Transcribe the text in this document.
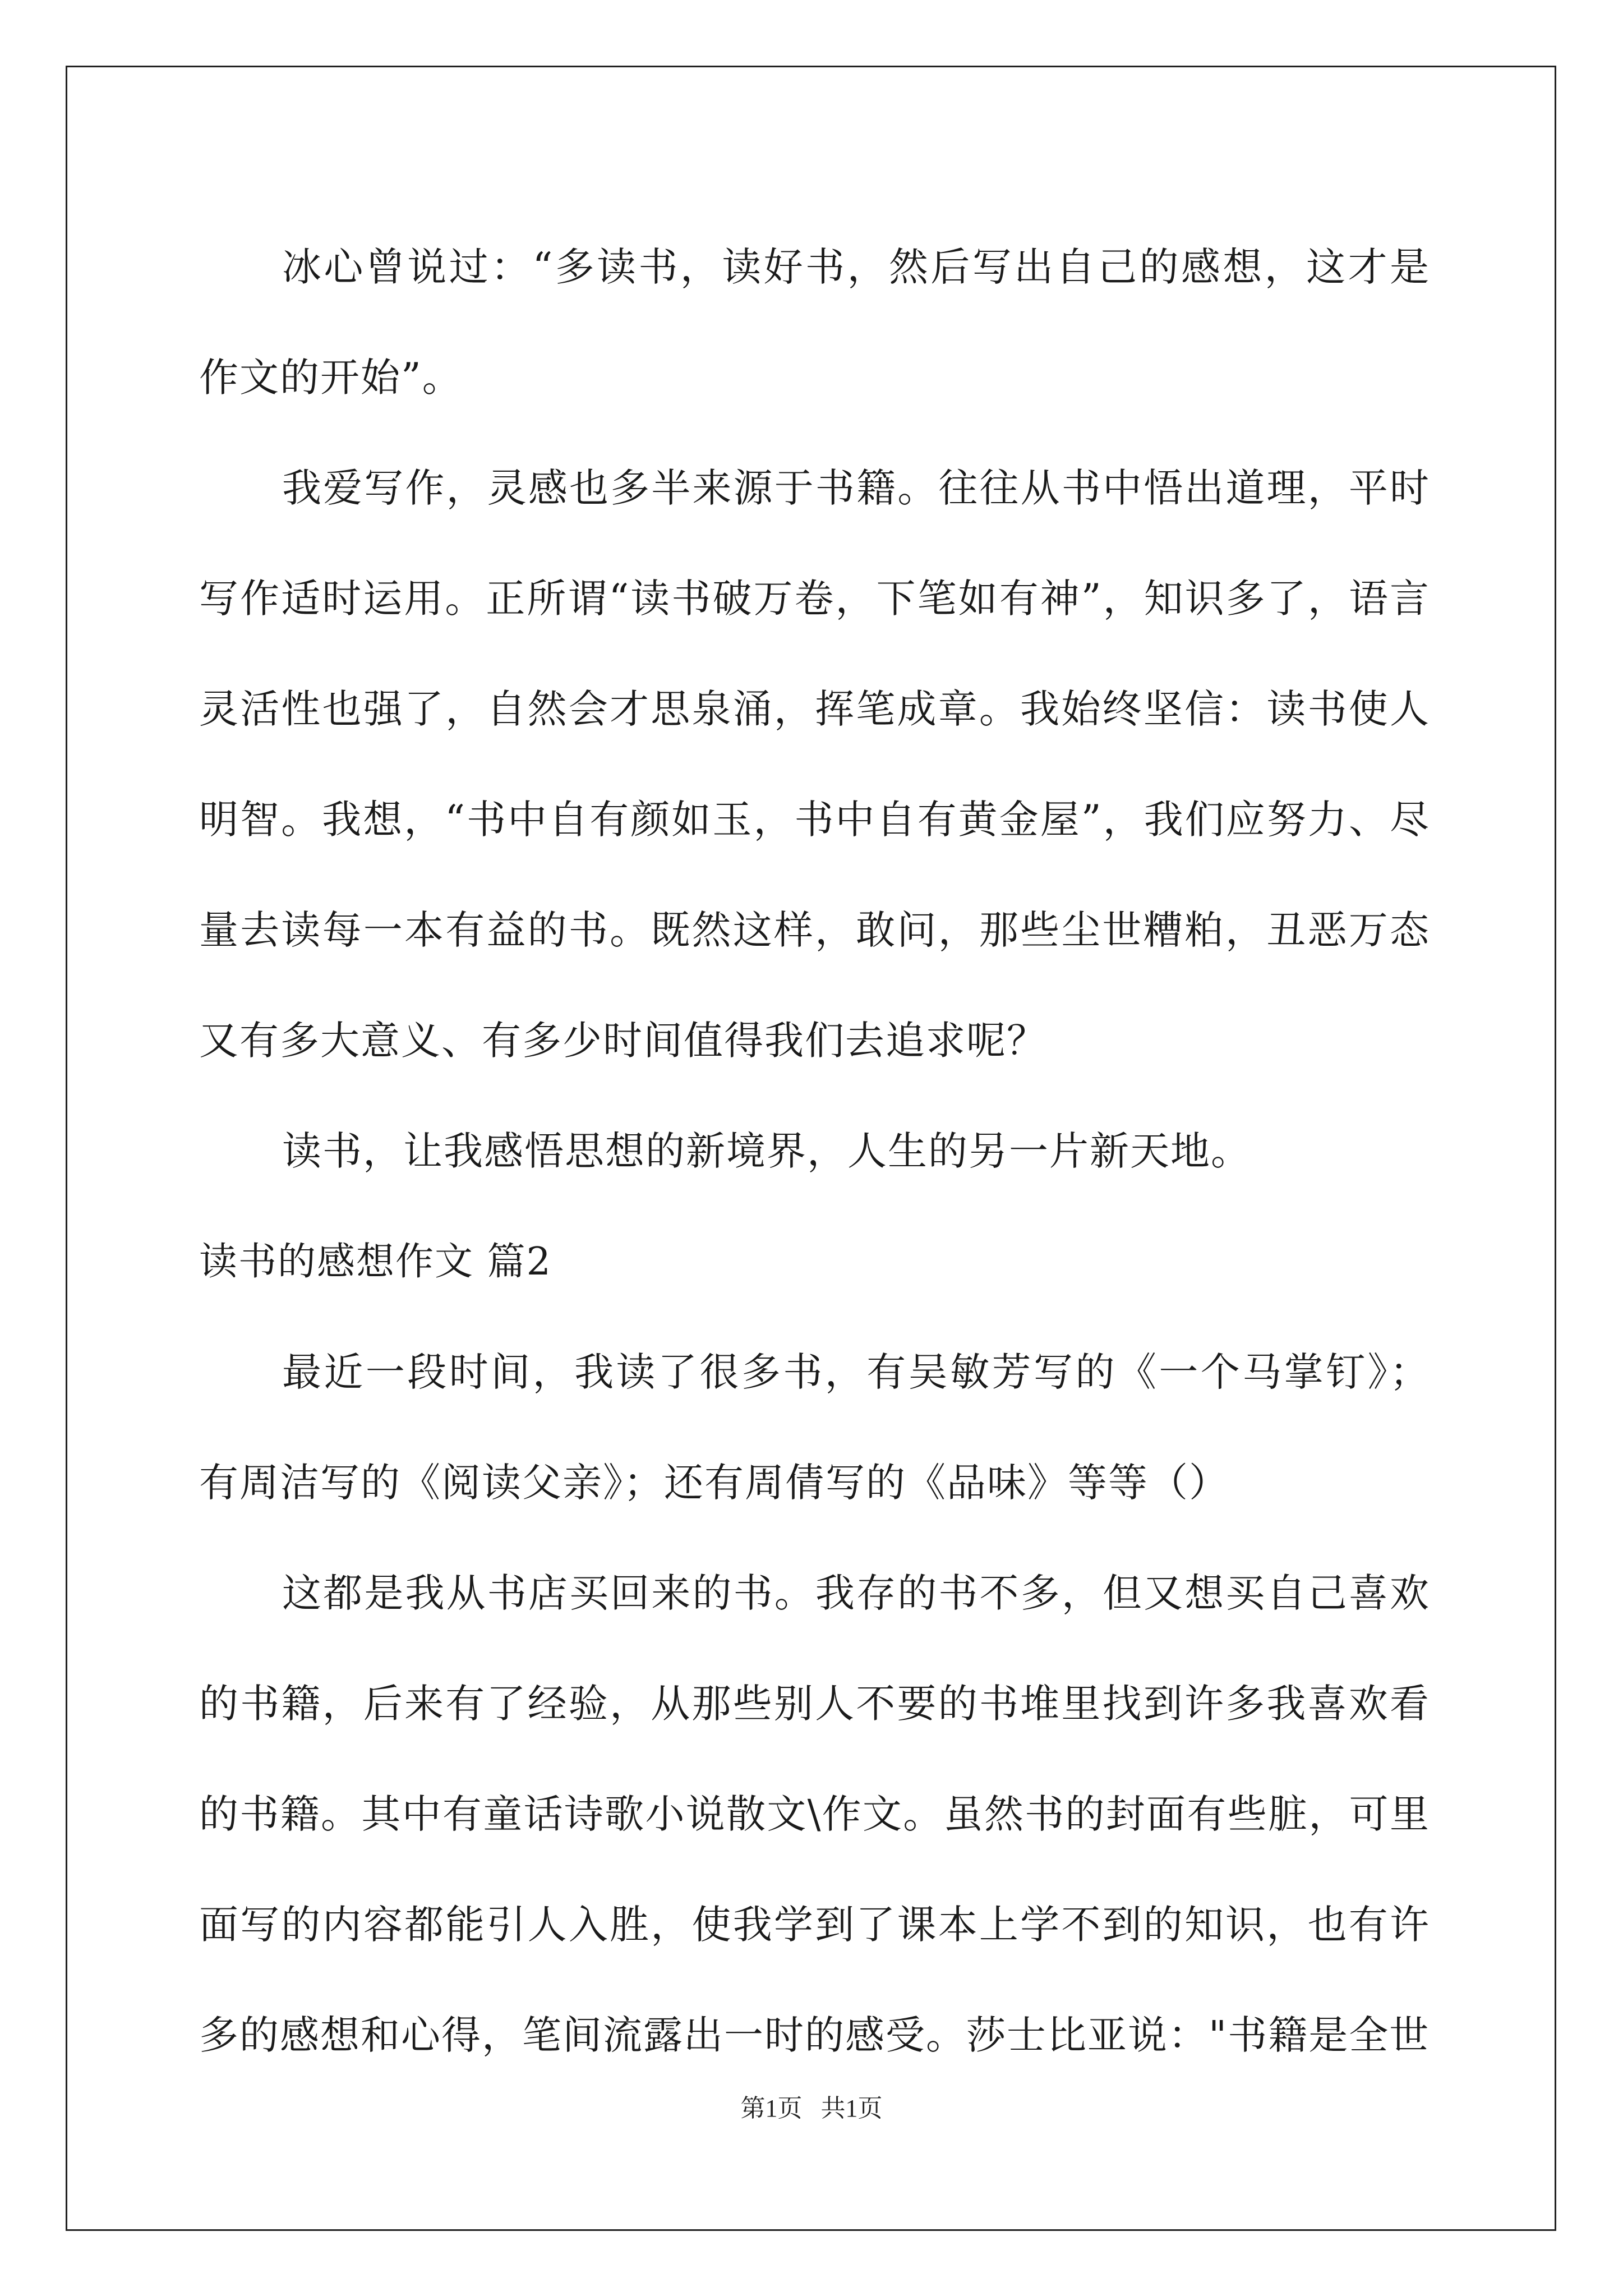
冰心曾说过：“多读书，读好书，然后写出自己的感想，这才是作文的开始”。

我爱写作，灵感也多半来源于书籍。往往从书中悟出道理，平时写作适时运用。正所谓“读书破万卷，下笔如有神”，知识多了，语言灵活性也强了，自然会才思泉涌，挥笔成章。我始终坚信：读书使人明智。我想，“书中自有颜如玉，书中自有黄金屋”，我们应努力、尽量去读每一本有益的书。既然这样，敢问，那些尘世糟粕，丑恶万态又有多大意义、有多少时间值得我们去追求呢？

读书，让我感悟思想的新境界，人生的另一片新天地。

读书的感想作文 篇2

最近一段时间，我读了很多书，有吴敏芳写的《一个马掌钉》；有周洁写的《阅读父亲》；还有周倩写的《品味》等等（）

这都是我从书店买回来的书。我存的书不多，但又想买自己喜欢的书籍，后来有了经验，从那些别人不要的书堆里找到许多我喜欢看的书籍。其中有童话诗歌小说散文\作文。虽然书的封面有些脏，可里面写的内容都能引人入胜，使我学到了课本上学不到的知识，也有许多的感想和心得，笔间流露出一时的感受。莎士比亚说："书籍是全世

第1页   共1页
